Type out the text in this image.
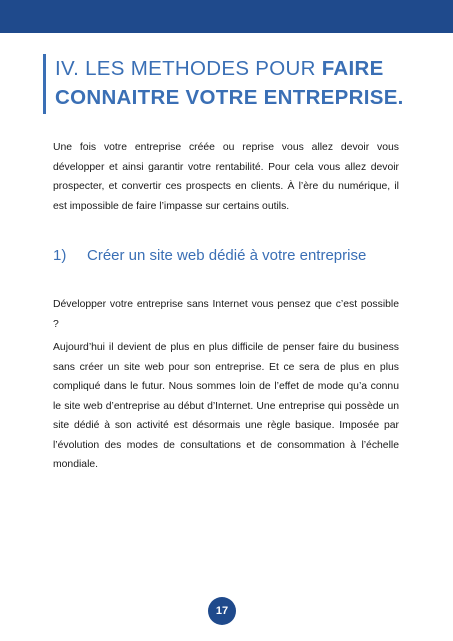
IV. LES METHODES POUR FAIRE
CONNAITRE VOTRE ENTREPRISE.

Une fois votre entreprise créée ou reprise vous allez devoir vous développer et ainsi garantir votre rentabilité. Pour cela vous allez devoir prospecter, et convertir ces prospects en clients. À l’ère du numérique, il est impossible de faire l’impasse sur certains outils.

1) Créer un site web dédié à votre entreprise

Développer votre entreprise sans Internet vous pensez que c’est possible ?

Aujourd’hui il devient de plus en plus difficile de penser faire du business sans créer un site web pour son entreprise. Et ce sera de plus en plus compliqué dans le futur. Nous sommes loin de l’effet de mode qu’a connu le site web d’entreprise au début d’Internet. Une entreprise qui possède un site dédié à son activité est désormais une règle basique. Imposée par l’évolution des modes de consultations et de consommation à l’échelle mondiale.

17
